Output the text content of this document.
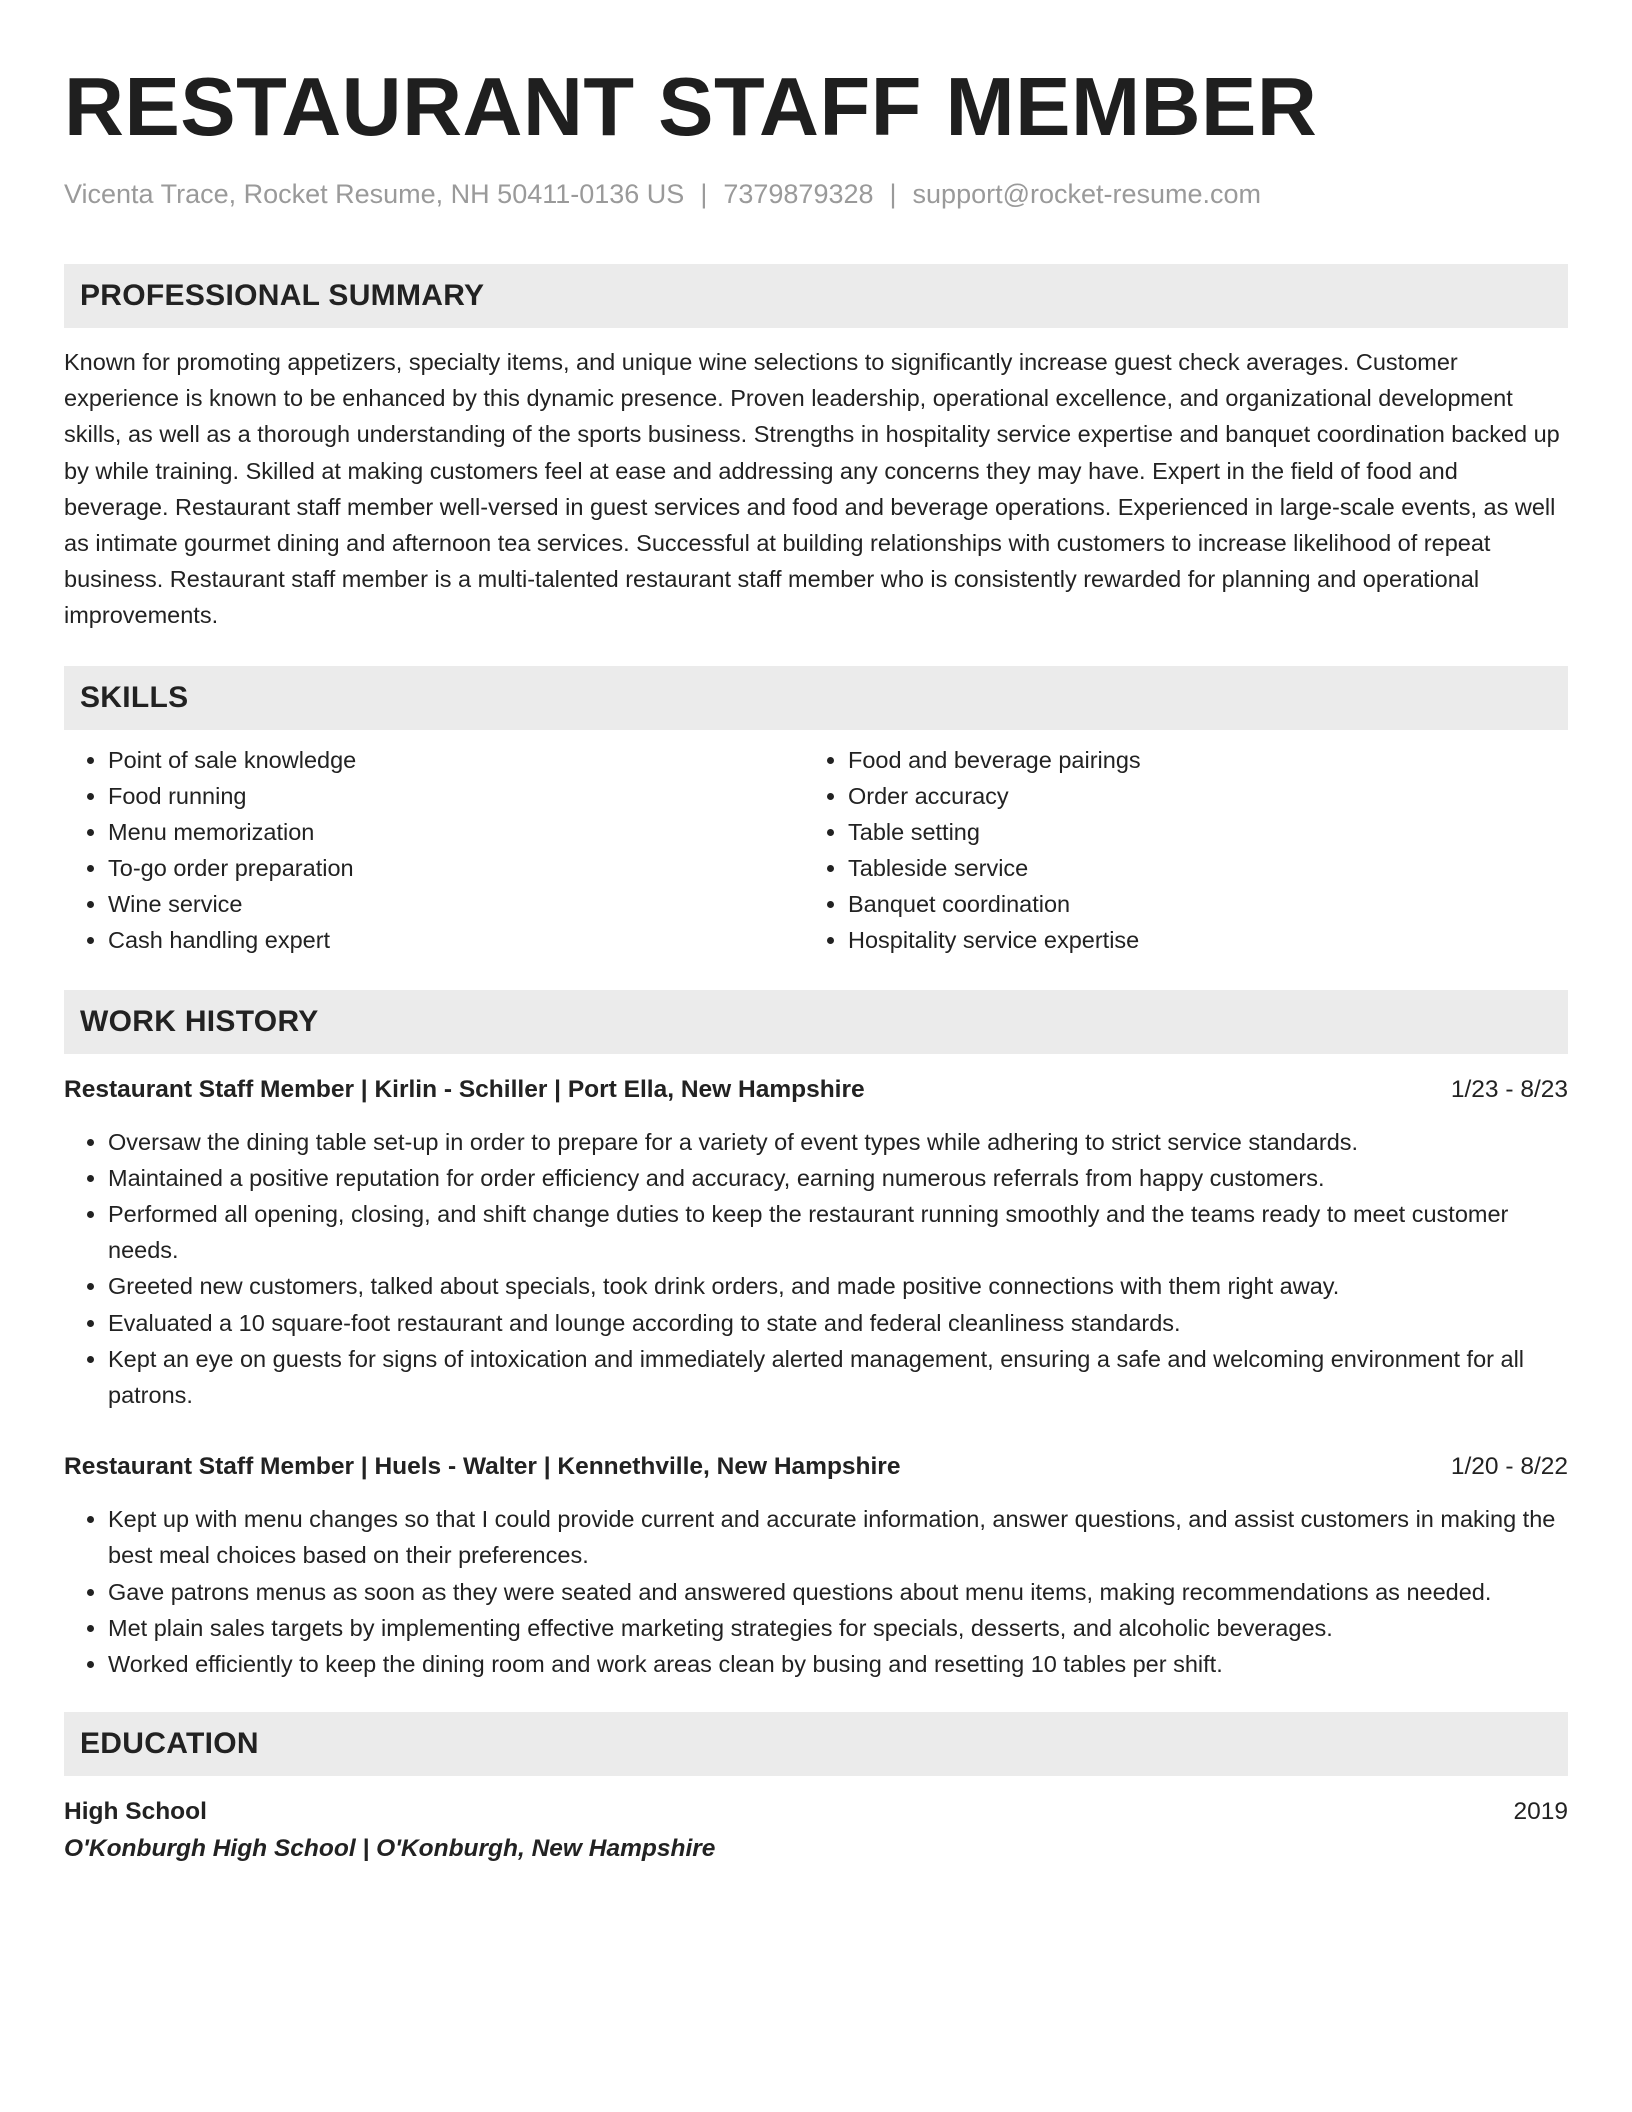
RESTAURANT STAFF MEMBER
Vicenta Trace, Rocket Resume, NH 50411-0136 US | 7379879328 | support@rocket-resume.com
PROFESSIONAL SUMMARY

Known for promoting appetizers, specialty items, and unique wine selections to significantly increase guest check averages. Customer experience is known to be enhanced by this dynamic presence. Proven leadership, operational excellence, and organizational development skills, as well as a thorough understanding of the sports business. Strengths in hospitality service expertise and banquet coordination backed up by while training. Skilled at making customers feel at ease and addressing any concerns they may have. Expert in the field of food and beverage. Restaurant staff member well-versed in guest services and food and beverage operations. Experienced in large-scale events, as well as intimate gourmet dining and afternoon tea services. Successful at building relationships with customers to increase likelihood of repeat business. Restaurant staff member is a multi-talented restaurant staff member who is consistently rewarded for planning and operational improvements.

SKILLS
• Point of sale knowledge
• Food running
• Menu memorization
• To-go order preparation
• Wine service
• Cash handling expert
• Food and beverage pairings
• Order accuracy
• Table setting
• Tableside service
• Banquet coordination
• Hospitality service expertise
WORK HISTORY
Restaurant Staff Member | Kirlin - Schiller | Port Ella, New Hampshire	1/23 - 8/23
• Oversaw the dining table set-up in order to prepare for a variety of event types while adhering to strict service standards.
• Maintained a positive reputation for order efficiency and accuracy, earning numerous referrals from happy customers.
• Performed all opening, closing, and shift change duties to keep the restaurant running smoothly and the teams ready to meet customer needs.
• Greeted new customers, talked about specials, took drink orders, and made positive connections with them right away.
• Evaluated a 10 square-foot restaurant and lounge according to state and federal cleanliness standards.
• Kept an eye on guests for signs of intoxication and immediately alerted management, ensuring a safe and welcoming environment for all patrons.
Restaurant Staff Member | Huels - Walter | Kennethville, New Hampshire	1/20 - 8/22
• Kept up with menu changes so that I could provide current and accurate information, answer questions, and assist customers in making the best meal choices based on their preferences.
• Gave patrons menus as soon as they were seated and answered questions about menu items, making recommendations as needed.
• Met plain sales targets by implementing effective marketing strategies for specials, desserts, and alcoholic beverages.
• Worked efficiently to keep the dining room and work areas clean by busing and resetting 10 tables per shift.
EDUCATION
High School	2019
O'Konburgh High School | O'Konburgh, New Hampshire
